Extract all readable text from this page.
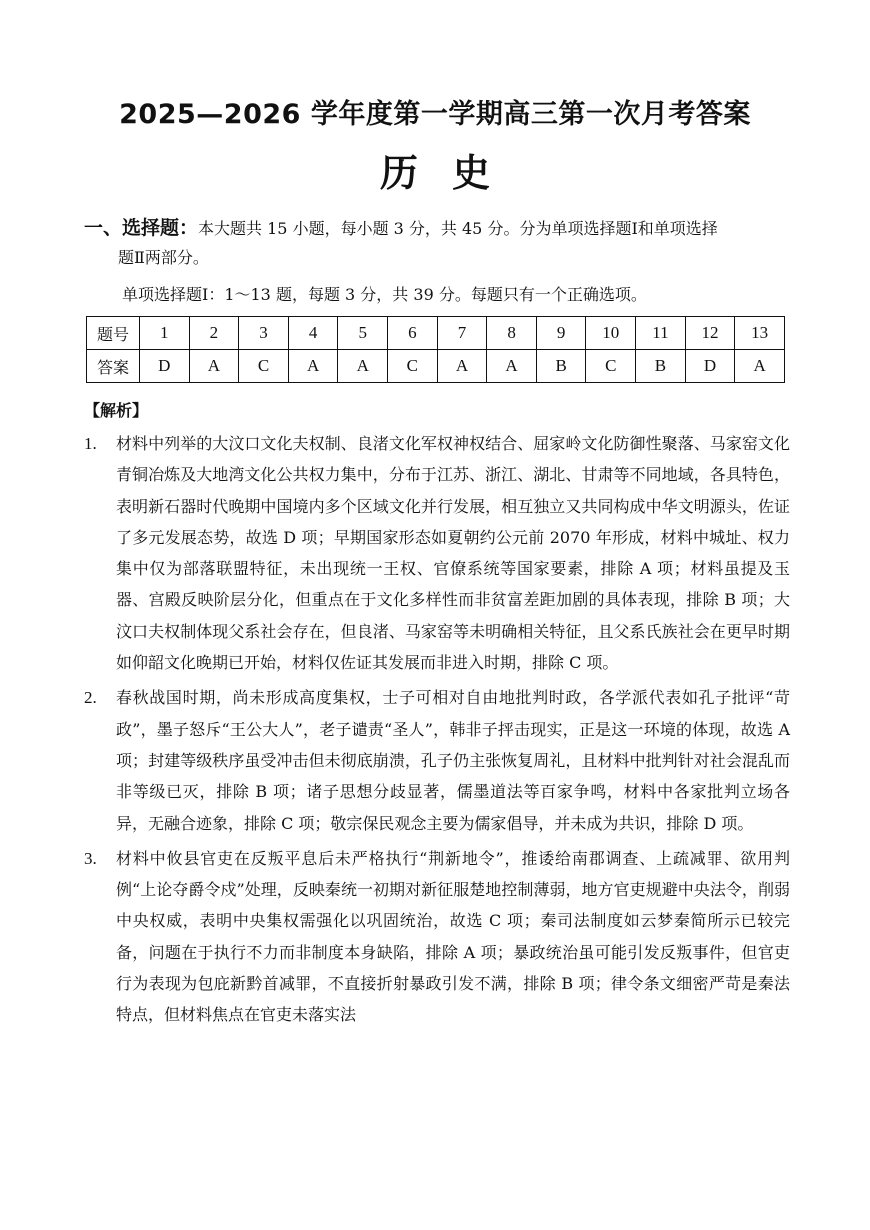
2025—2026 学年度第一学期高三第一次月考答案
历史
一、选择题：本大题共 15 小题，每小题 3 分，共 45 分。分为单项选择题Ⅰ和单项选择
题Ⅱ两部分。
单项选择题Ⅰ：1～13 题，每题 3 分，共 39 分。每题只有一个正确选项。
题号	1	2	3	4	5	6	7	8	9	10	11	12	13
答案	D	A	C	A	A	C	A	A	B	C	B	D	A
【解析】
1. 材料中列举的大汶口文化夫权制、良渚文化军权神权结合、屈家岭文化防御性聚落、马家窑文化青铜冶炼及大地湾文化公共权力集中，分布于江苏、浙江、湖北、甘肃等不同地域，各具特色，表明新石器时代晚期中国境内多个区域文化并行发展，相互独立又共同构成中华文明源头，佐证了多元发展态势，故选 D 项；早期国家形态如夏朝约公元前 2070 年形成，材料中城址、权力集中仅为部落联盟特征，未出现统一王权、官僚系统等国家要素，排除 A 项；材料虽提及玉器、宫殿反映阶层分化，但重点在于文化多样性而非贫富差距加剧的具体表现，排除 B 项；大汶口夫权制体现父系社会存在，但良渚、马家窑等未明确相关特征，且父系氏族社会在更早时期如仰韶文化晚期已开始，材料仅佐证其发展而非进入时期，排除 C 项。
2. 春秋战国时期，尚未形成高度集权，士子可相对自由地批判时政，各学派代表如孔子批评“苛政”，墨子怒斥“王公大人”，老子谴责“圣人”，韩非子抨击现实，正是这一环境的体现，故选 A 项；封建等级秩序虽受冲击但未彻底崩溃，孔子仍主张恢复周礼，且材料中批判针对社会混乱而非等级已灭，排除 B 项；诸子思想分歧显著，儒墨道法等百家争鸣，材料中各家批判立场各异，无融合迹象，排除 C 项；敬宗保民观念主要为儒家倡导，并未成为共识，排除 D 项。
3. 材料中攸县官吏在反叛平息后未严格执行“荆新地令”，推诿给南郡调查、上疏减罪、欲用判例“上论夺爵令戍”处理，反映秦统一初期对新征服楚地控制薄弱，地方官吏规避中央法令，削弱中央权威，表明中央集权需强化以巩固统治，故选 C 项；秦司法制度如云梦秦简所示已较完备，问题在于执行不力而非制度本身缺陷，排除 A 项；暴政统治虽可能引发反叛事件，但官吏行为表现为包庇新黔首减罪，不直接折射暴政引发不满，排除 B 项；律令条文细密严苛是秦法特点，但材料焦点在官吏未落实法
